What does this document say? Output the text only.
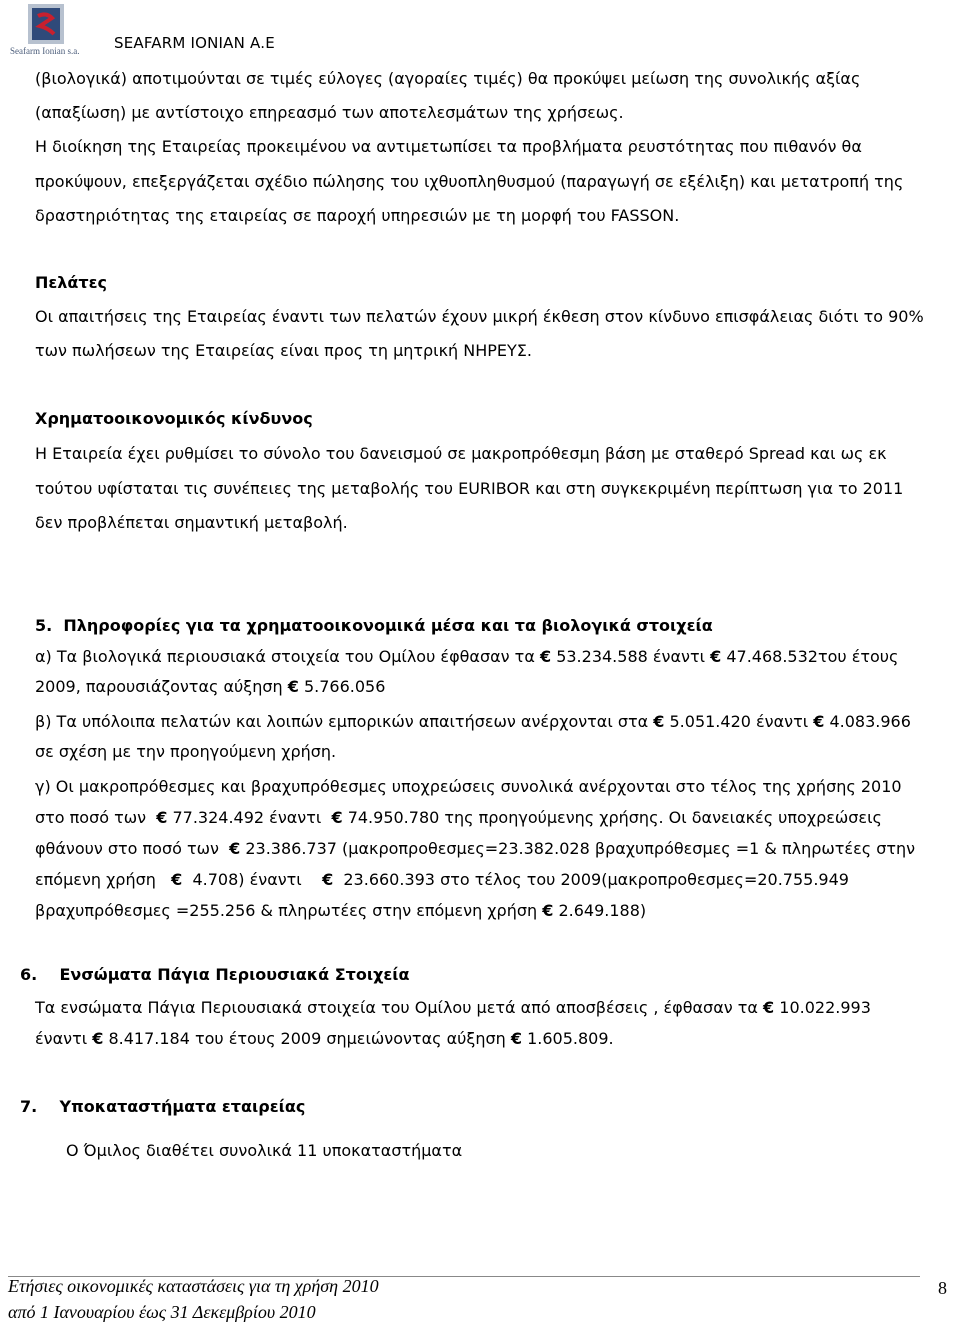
Seafarm Ionian s.a. SEAFARM IONIAN A.E
(βιολογικά) αποτιμούνται σε τιμές εύλογες (αγοραίες τιμές) θα προκύψει μείωση της συνολικής αξίας
(απαξίωση) με αντίστοιχο επηρεασμό των αποτελεσμάτων της χρήσεως.
Η διοίκηση της Εταιρείας προκειμένου να αντιμετωπίσει τα προβλήματα ρευστότητας που πιθανόν θα
προκύψουν, επεξεργάζεται σχέδιο πώλησης του ιχθυοπληθυσμού (παραγωγή σε εξέλιξη) και μετατροπή της
δραστηριότητας της εταιρείας σε παροχή υπηρεσιών με τη μορφή του FASSON.
Πελάτες
Οι απαιτήσεις της Εταιρείας έναντι των πελατών έχουν μικρή έκθεση στον κίνδυνο επισφάλειας διότι το 90%
των πωλήσεων της Εταιρείας είναι προς τη μητρική ΝΗΡΕΥΣ.
Χρηματοοικονομικός κίνδυνος
Η Εταιρεία έχει ρυθμίσει το σύνολο του δανεισμού σε μακροπρόθεσμη βάση με σταθερό Spread και ως εκ
τούτου υφίσταται τις συνέπειες της μεταβολής του EURIBOR και στη συγκεκριμένη περίπτωση για το 2011
δεν προβλέπεται σημαντική μεταβολή.
5. Πληροφορίες για τα χρηματοοικονομικά μέσα και τα βιολογικά στοιχεία
α) Τα βιολογικά περιουσιακά στοιχεία του Ομίλου έφθασαν τα € 53.234.588 έναντι € 47.468.532του έτους
2009, παρουσιάζοντας αύξηση € 5.766.056
β) Τα υπόλοιπα πελατών και λοιπών εμπορικών απαιτήσεων ανέρχονται στα € 5.051.420 έναντι € 4.083.966
σε σχέση με την προηγούμενη χρήση.
γ) Οι μακροπρόθεσμες και βραχυπρόθεσμες υποχρεώσεις συνολικά ανέρχονται στο τέλος της χρήσης 2010
στο ποσό των € 77.324.492 έναντι € 74.950.780 της προηγούμενης χρήσης. Οι δανειακές υποχρεώσεις
φθάνουν στο ποσό των € 23.386.737 (μακροπροθεσμες=23.382.028 βραχυπρόθεσμες =1 & πληρωτέες στην
επόμενη χρήση € 4.708) έναντι € 23.660.393 στο τέλος του 2009(μακροπροθεσμες=20.755.949
βραχυπρόθεσμες =255.256 & πληρωτέες στην επόμενη χρήση € 2.649.188)
6. Ενσώματα Πάγια Περιουσιακά Στοιχεία
Τα ενσώματα Πάγια Περιουσιακά στοιχεία του Ομίλου μετά από αποσβέσεις , έφθασαν τα € 10.022.993
έναντι € 8.417.184 του έτους 2009 σημειώνοντας αύξηση € 1.605.809.
7. Υποκαταστήματα εταιρείας
Ο Όμιλος διαθέτει συνολικά 11 υποκαταστήματα
Ετήσιες οικονομικές καταστάσεις για τη χρήση 2010
από 1 Ιανουαρίου έως 31 Δεκεμβρίου 2010
8
